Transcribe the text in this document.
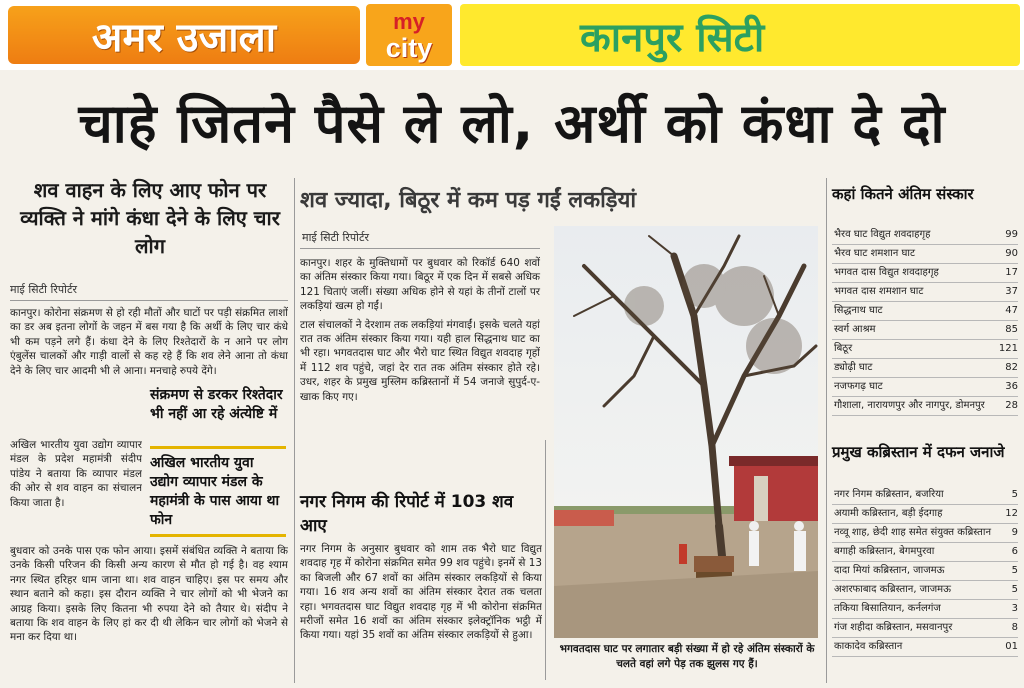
अमर उजाला	my
city	कानपुर सिटी
चाहे जितने पैसे ले लो, अर्थी को कंधा दे दो
शव वाहन के लिए आए फोन पर व्यक्ति ने मांगे कंधा देने के लिए चार लोग
माई सिटी रिपोर्टर

कानपुर। कोरोना संक्रमण से हो रही मौतों और घाटों पर पड़ी संक्रमित लाशों का डर अब इतना लोगों के जहन में बस गया है कि अर्थी के लिए चार कंधे भी कम पड़ने लगे हैं। कंधा देने के लिए रिश्तेदारों के न आने पर लोग एंबुलेंस चालकों और गाड़ी वालों से कह रहे हैं कि शव लेने आना तो कंधा देने के लिए चार आदमी भी ले आना। मनचाहे रुपये देंगे।

अखिल भारतीय युवा उद्योग व्यापार मंडल के प्रदेश महामंत्री संदीप पांडेय ने बताया कि व्यापार मंडल की ओर से शव वाहन का संचालन किया जाता है।

संक्रमण से डरकर रिश्तेदार भी नहीं आ रहे अंत्येष्टि में
अखिल भारतीय युवा उद्योग व्यापार मंडल के महामंत्री के पास आया था फोन

बुधवार को उनके पास एक फोन आया। इसमें संबंधित व्यक्ति ने बताया कि उनके किसी परिजन की किसी अन्य कारण से मौत हो गई है। वह श्याम नगर स्थित हरिहर धाम जाना था। शव वाहन चाहिए। इस पर समय और स्थान बताने को कहा। इस दौरान व्यक्ति ने चार लोगों को भी भेजने का आग्रह किया। इसके लिए कितना भी रुपया देने को तैयार थे। संदीप ने बताया कि शव वाहन के लिए हां कर दी थी लेकिन चार लोगों को भेजने से मना कर दिया था।

शव ज्यादा, बिठूर में कम पड़ गईं लकड़ियां
माई सिटी रिपोर्टर

कानपुर। शहर के मुक्तिधामों पर बुधवार को रिकॉर्ड 640 शवों का अंतिम संस्कार किया गया। बिठूर में एक दिन में सबसे अधिक 121 चिताएं जलीं। संख्या अधिक होने से यहां के तीनों टालों पर लकड़ियां खत्म हो गईं।

टाल संचालकों ने देरशाम तक लकड़ियां मंगवाईं। इसके चलते यहां रात तक अंतिम संस्कार किया गया। यही हाल सिद्धनाथ घाट का भी रहा। भगवतदास घाट और भैरो घाट स्थित विद्युत शवदाह गृहों में 112 शव पहुंचे, जहां देर रात तक अंतिम संस्कार होते रहे। उधर, शहर के प्रमुख मुस्लिम कब्रिस्तानों में 54 जनाजे सुपुर्द-ए-खाक किए गए।

नगर निगम की रिपोर्ट में 103 शव आए

नगर निगम के अनुसार बुधवार को शाम तक भैरो घाट विद्युत शवदाह गृह में कोरोना संक्रमित समेत 99 शव पहुंचे। इनमें से 13 का बिजली और 67 शवों का अंतिम संस्कार लकड़ियों से किया गया। 16 शव अन्य शवों का अंतिम संस्कार देरात तक चलता रहा। भगवतदास घाट विद्युत शवदाह गृह में भी कोरोना संक्रमित मरीजों समेत 16 शवों का अंतिम संस्कार इलेक्ट्रॉनिक भट्ठी में किया गया। यहां 35 शवों का अंतिम संस्कार लकड़ियों से हुआ।

भगवतदास घाट पर लगातार बड़ी संख्या में हो रहे अंतिम संस्कारों के चलते वहां लगे पेड़ तक झुलस गए हैं।
कहां कितने अंतिम संस्कार
भैरव घाट विद्युत शवदाहगृह	99
भैरव घाट शमशान घाट	90
भगवत दास विद्युत शवदाहगृह	17
भगवत दास शमशान घाट	37
सिद्धनाथ घाट	47
स्वर्ग आश्रम	85
बिठूर	121
ड्योढ़ी घाट	82
नजफगढ़ घाट	36
गौशाला, नारायणपुर और नागपुर, डोमनपुर	28
प्रमुख कब्रिस्तान में दफन जनाजे
नगर निगम कब्रिस्तान, बजरिया	5
अयामी कब्रिस्तान, बड़ी ईदगाह	12
नव्वू शाह, छेदी शाह समेत संयुक्त कब्रिस्तान	9
बगाही कब्रिस्तान, बेगमपुरवा	6
दादा मियां कब्रिस्तान, जाजमऊ	5
अशरफाबाद कब्रिस्तान, जाजमऊ	5
तकिया बिसातियान, कर्नलगंज	3
गंज शहीदा कब्रिस्तान, मसवानपुर	8
काकादेव कब्रिस्तान	01
